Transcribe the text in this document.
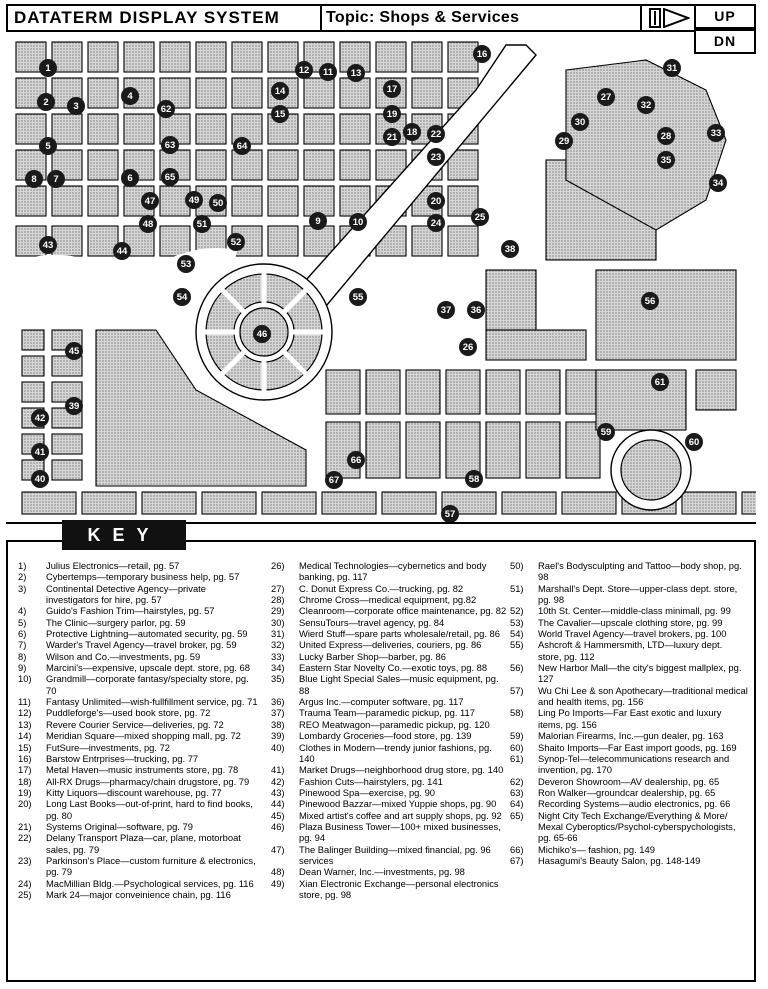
1
2	3
4
5
6
7
8
9	10
11
12	13
14
15
16
17
18
19
20
21	22
23
24
25
26
27
28
29
30
31
32
33
34
35
36
37
38
39
40
41
42
43
44
45
46
47
48
49 50
51
52
53
54	55	56
57
58
59
60
61
62
63	64
65
66
67
DATATERM DISPLAY SYSTEM	Topic: Shops & Services	UP
DN
KEY
1)	Julius Electronics—retail, pg. 57
2)	Cybertemps—temporary business help, pg. 57
3)	Continental Detective Agency—private investigators for hire, pg. 57
4)	Guido's Fashion Trim—hairstyles, pg. 57
5)	The Clinic—surgery parlor, pg. 59
6)	Protective Lightning—automated security, pg. 59
7)	Warder's Travel Agency—travel broker, pg. 59
8)	Wilson and Co.—investments, pg. 59
9)	Marcini's—expensive, upscale dept. store, pg. 68
10)	Grandmill—corporate fantasy/specialty store, pg. 70
11)	Fantasy Unlimited—wish-fullfillment service, pg. 71
12)	Puddleforge's—used book store, pg. 72
13)	Revere Courier Service—deliveries, pg. 72
14)	Meridian Square—mixed shopping mall, pg. 72
15)	FutSure—investments, pg. 72
16)	Barstow Entrprises—trucking, pg. 77
17)	Metal Haven—music instruments store, pg. 78
18)	All-RX Drugs—pharmacy/chain drugstore, pg. 79
19)	Kitty Liquors—discount warehouse, pg. 77
20)	Long Last Books—out-of-print, hard to find books, pg. 80
21)	Systems Original—software, pg. 79
22)	Delany Transport Plaza—car, plane, motorboat sales, pg. 79
23)	Parkinson's Place—custom furniture & electronics, pg. 79
24)	MacMillian Bldg.—Psychological services, pg. 116
25)	Mark 24—major conveinience chain, pg. 116
26)	Medical Technologies—cybernetics and body banking, pg. 117
27)	C. Donut Express Co.—trucking, pg. 82
28)	Chrome Cross—medical equipment, pg.82
29)	Cleanroom—corporate office maintenance, pg. 82
30)	SensuTours—travel agency, pg. 84
31)	Wierd Stuff—spare parts wholesale/retail, pg. 86
32)	United Express—deliveries, couriers, pg. 86
33)	Lucky Barber Shop—barber, pg. 86
34)	Eastern Star Novelty Co.—exotic toys, pg. 88
35)	Blue Light Special Sales—music equipment, pg. 88
36)	Argus Inc.—computer software, pg. 117
37)	Trauma Team—paramedic pickup, pg. 117
38)	REO Meatwagon—paramedic pickup, pg. 120
39)	Lombardy Groceries—food store, pg. 139
40)	Clothes in Modern—trendy junior fashions, pg. 140
41)	Market Drugs—neighborhood drug store, pg. 140
42)	Fashion Cuts—hairstylers, pg. 141
43)	Pinewood Spa—exercise, pg. 90
44)	Pinewood Bazzar—mixed Yuppie shops, pg. 90
45)	Mixed artist's coffee and art supply shops, pg. 92
46)	Plaza Business Tower—100+ mixed businesses, pg. 94
47)	The Balinger Building—mixed financial, pg. 96 services
48)	Dean Warner, Inc.—investments, pg. 98
49)	Xian Electronic Exchange—personal electronics store, pg. 98
50)	Rael's Bodysculpting and Tattoo—body shop, pg. 98
51)	Marshall's Dept. Store—upper-class dept. store, pg. 98
52)	10th St. Center—middle-class minimall, pg. 99
53)	The Cavalier—upscale clothing store, pg. 99
54)	World Travel Agency—travel brokers, pg. 100
55)	Ashcroft & Hammersmith, LTD—luxury dept. store, pg. 112
56)	New Harbor Mall—the city's biggest mallplex, pg. 127
57)	Wu Chi Lee & son Apothecary—traditional medical and health items, pg. 156
58)	Ling Po Imports—Far East exotic and luxury items, pg. 156
59)	Malorian Firearms, Inc.—gun dealer, pg. 163
60)	Shaito Imports—Far East import goods, pg. 169
61)	Synop-Tel—telecommunications research and invention, pg. 170
62)	Deveron Showroom—AV dealership, pg. 65
63)	Ron Walker—groundcar dealership, pg. 65
64)	Recording Systems—audio electronics, pg. 66
65)	Night City Tech Exchange/Everything & More/ Mexal Cyberoptics/Psychol-cyberspychologists, pg. 65-66
66)	Michiko's— fashion, pg. 149
67)	Hasagumi's Beauty Salon, pg. 148-149
